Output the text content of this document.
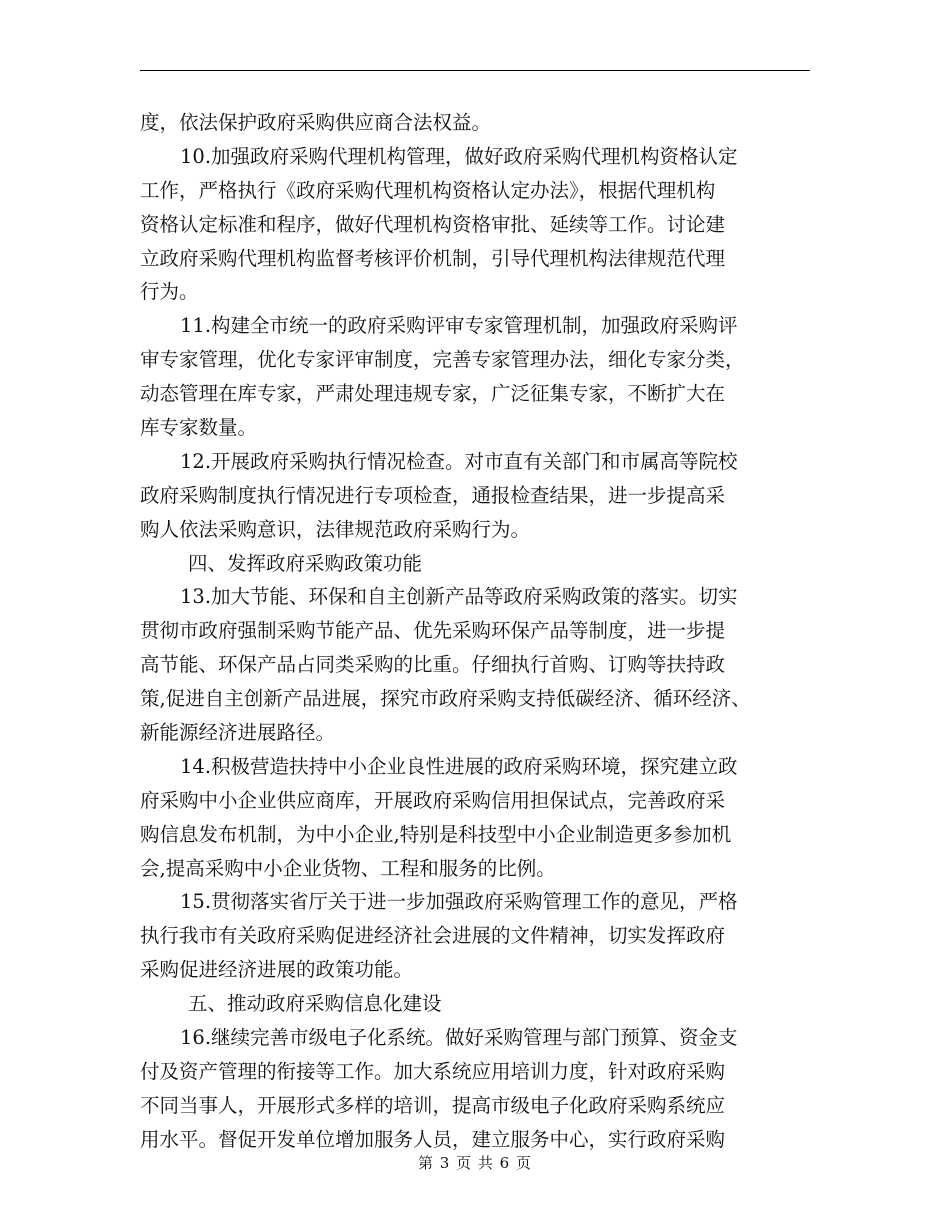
度，依法保护政府采购供应商合法权益。
10.加强政府采购代理机构管理，做好政府采购代理机构资格认定
工作，严格执行《政府采购代理机构资格认定办法》，根据代理机构
资格认定标准和程序，做好代理机构资格审批、延续等工作。讨论建
立政府采购代理机构监督考核评价机制，引导代理机构法律规范代理
行为。
11.构建全市统一的政府采购评审专家管理机制，加强政府采购评
审专家管理，优化专家评审制度，完善专家管理办法，细化专家分类，
动态管理在库专家，严肃处理违规专家，广泛征集专家，不断扩大在
库专家数量。
12.开展政府采购执行情况检查。对市直有关部门和市属高等院校
政府采购制度执行情况进行专项检查，通报检查结果，进一步提高采
购人依法采购意识，法律规范政府采购行为。
四、发挥政府采购政策功能
13.加大节能、环保和自主创新产品等政府采购政策的落实。切实
贯彻市政府强制采购节能产品、优先采购环保产品等制度，进一步提
高节能、环保产品占同类采购的比重。仔细执行首购、订购等扶持政
策,促进自主创新产品进展，探究市政府采购支持低碳经济、循环经济、
新能源经济进展路径。
14.积极营造扶持中小企业良性进展的政府采购环境，探究建立政
府采购中小企业供应商库，开展政府采购信用担保试点，完善政府采
购信息发布机制，为中小企业,特别是科技型中小企业制造更多参加机
会,提高采购中小企业货物、工程和服务的比例。
15.贯彻落实省厅关于进一步加强政府采购管理工作的意见，严格
执行我市有关政府采购促进经济社会进展的文件精神，切实发挥政府
采购促进经济进展的政策功能。
五、推动政府采购信息化建设
16.继续完善市级电子化系统。做好采购管理与部门预算、资金支
付及资产管理的衔接等工作。加大系统应用培训力度，针对政府采购
不同当事人，开展形式多样的培训，提高市级电子化政府采购系统应
用水平。督促开发单位增加服务人员，建立服务中心，实行政府采购
第 3 页 共 6 页
